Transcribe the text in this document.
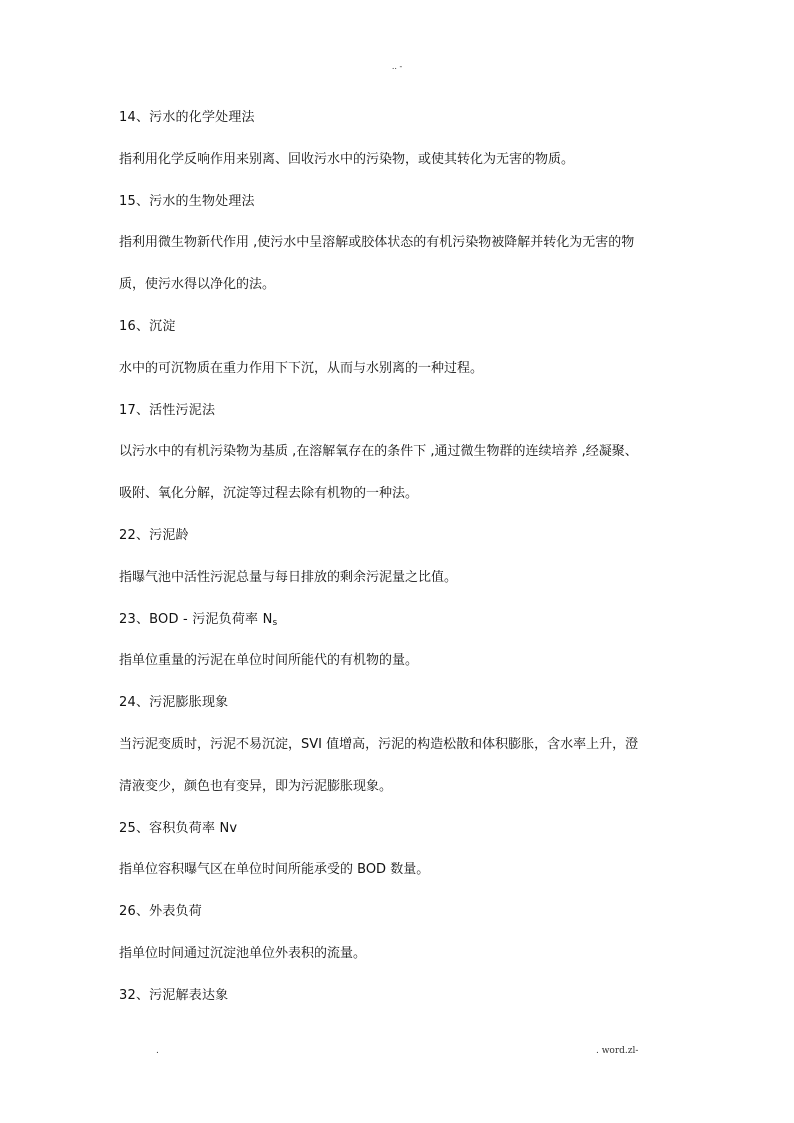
.. -
14、污水的化学处理法
指利用化学反响作用来别离、回收污水中的污染物，或使其转化为无害的物质。
15、污水的生物处理法
指利用微生物新代作用 ,使污水中呈溶解或胶体状态的有机污染物被降解并转化为无害的物
质，使污水得以净化的法。
16、沉淀
水中的可沉物质在重力作用下下沉，从而与水别离的一种过程。
17、活性污泥法
以污水中的有机污染物为基质 ,在溶解氧存在的条件下 ,通过微生物群的连续培养 ,经凝聚、
吸附、氧化分解，沉淀等过程去除有机物的一种法。
22、污泥龄
指曝气池中活性污泥总量与每日排放的剩余污泥量之比值。
23、BOD - 污泥负荷率 $N_s$
指单位重量的污泥在单位时间所能代的有机物的量。
24、污泥膨胀现象
当污泥变质时，污泥不易沉淀，SVI 值增高，污泥的构造松散和体积膨胀，含水率上升，澄
清液变少，颜色也有变异，即为污泥膨胀现象。
25、容积负荷率 Nv
指单位容积曝气区在单位时间所能承受的 BOD 数量。
26、外表负荷
指单位时间通过沉淀池单位外表积的流量。
32、污泥解表达象
.	. word.zl-
